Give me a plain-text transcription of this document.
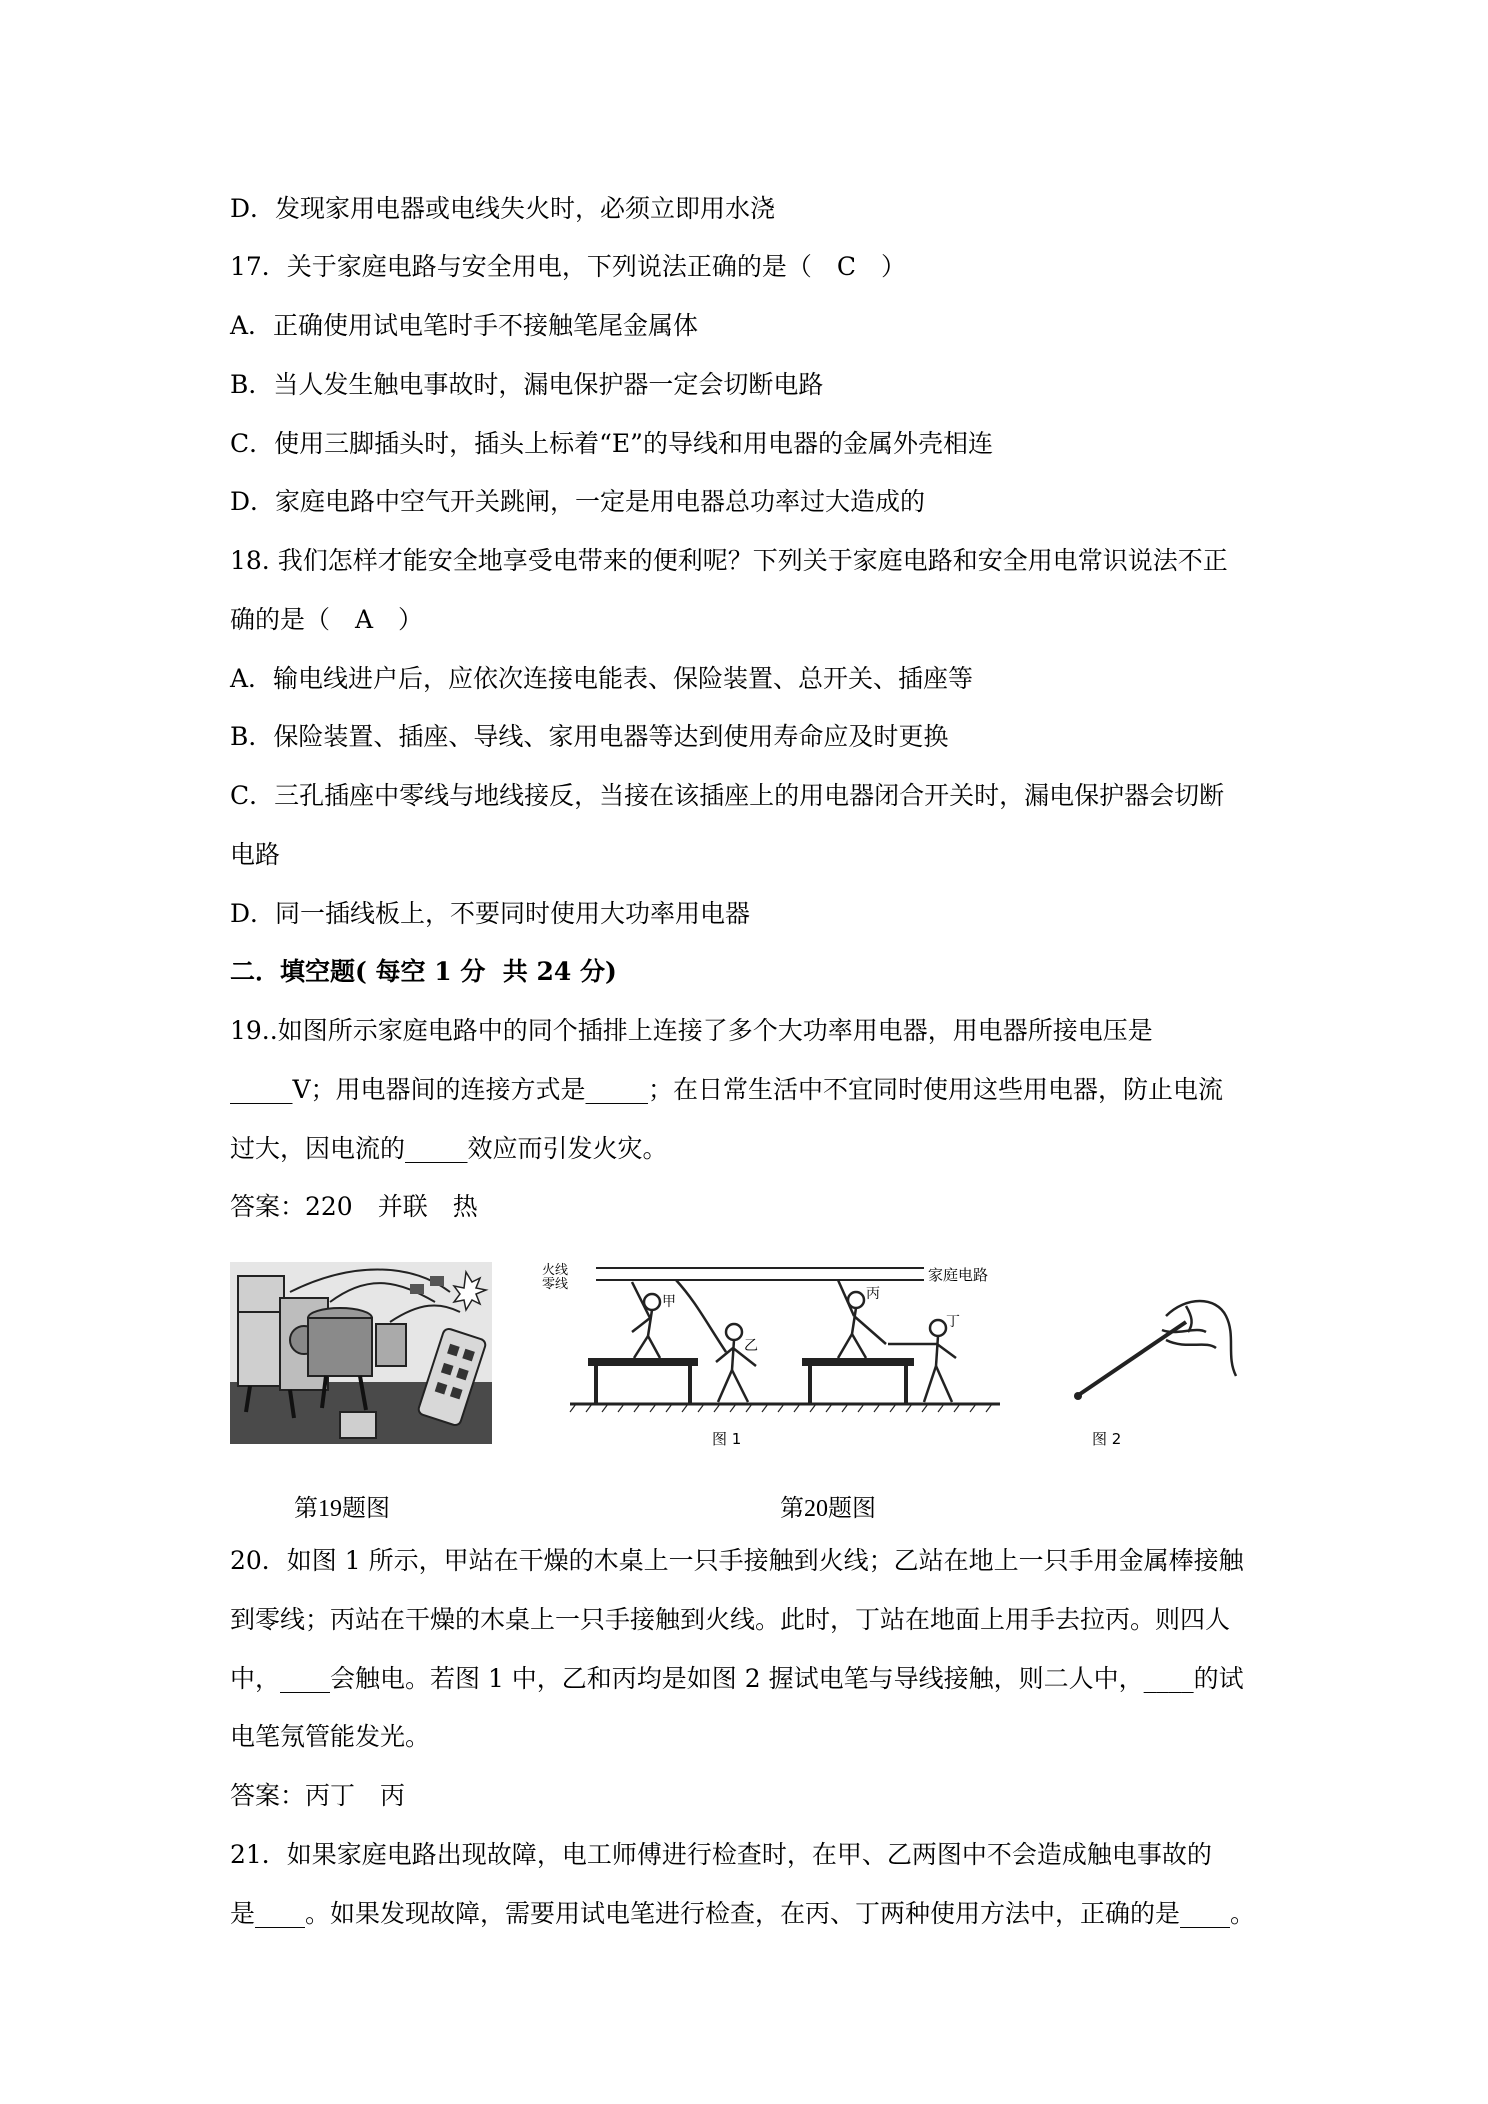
D．发现家用电器或电线失火时，必须立即用水浇
17．关于家庭电路与安全用电，下列说法正确的是（　C　）
A．正确使用试电笔时手不接触笔尾金属体
B．当人发生触电事故时，漏电保护器一定会切断电路
C．使用三脚插头时，插头上标着“E”的导线和用电器的金属外壳相连
D．家庭电路中空气开关跳闸，一定是用电器总功率过大造成的
18. 我们怎样才能安全地享受电带来的便利呢？下列关于家庭电路和安全用电常识说法不正
确的是（　A　）
A．输电线进户后，应依次连接电能表、保险装置、总开关、插座等
B．保险装置、插座、导线、家用电器等达到使用寿命应及时更换
C．三孔插座中零线与地线接反，当接在该插座上的用电器闭合开关时，漏电保护器会切断
电路
D．同一插线板上，不要同时使用大功率用电器
二．填空题( 每空 1 分  共 24 分)
19..如图所示家庭电路中的同个插排上连接了多个大功率用电器，用电器所接电压是
_____V；用电器间的连接方式是_____；在日常生活中不宜同时使用这些用电器，防止电流
过大，因电流的_____效应而引发火灾。
答案：220　并联　热
火线
零线
家庭电路
甲
乙
丙
丁
图 1	图 2
第19题图	第20题图
20．如图 1 所示，甲站在干燥的木桌上一只手接触到火线；乙站在地上一只手用金属棒接触
到零线；丙站在干燥的木桌上一只手接触到火线。此时，丁站在地面上用手去拉丙。则四人
中，____会触电。若图 1 中，乙和丙均是如图 2 握试电笔与导线接触，则二人中，____的试
电笔氖管能发光。
答案：丙丁　丙
21．如果家庭电路出现故障，电工师傅进行检查时，在甲、乙两图中不会造成触电事故的
是____。如果发现故障，需要用试电笔进行检查，在丙、丁两种使用方法中，正确的是____。
